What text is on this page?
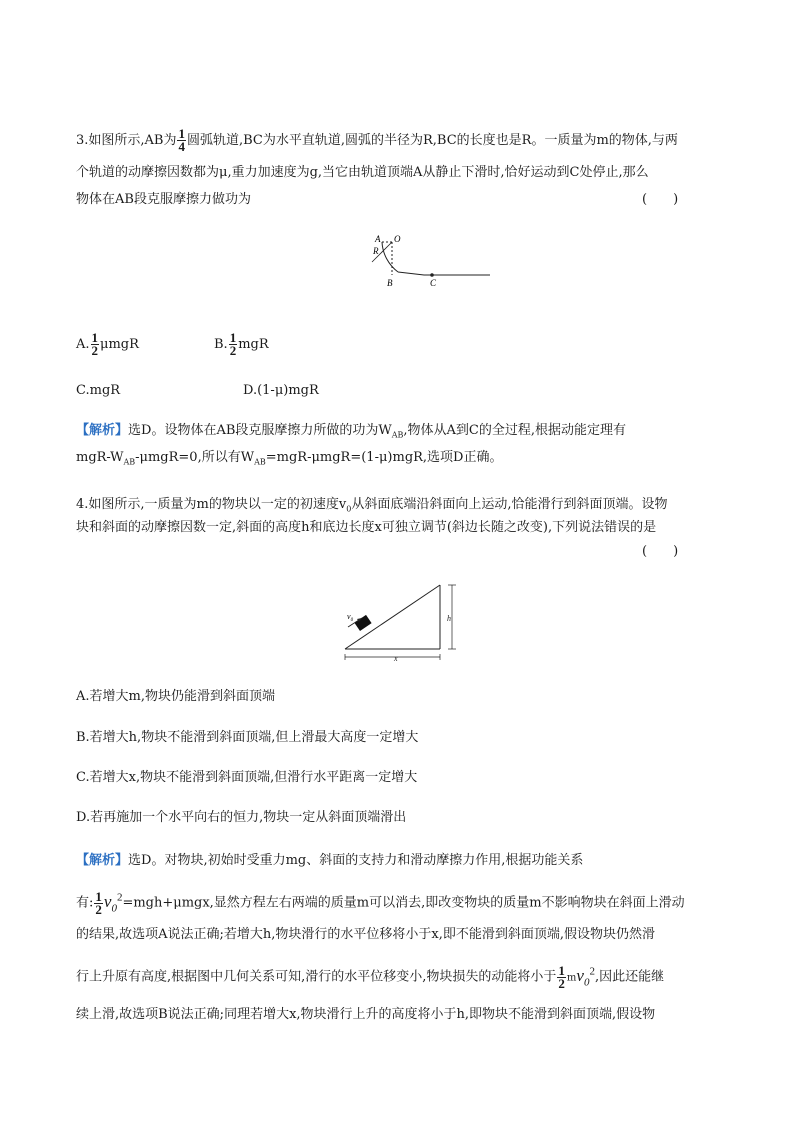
3.如图所示,AB为 $\frac{1}{4}$ 圆弧轨道,BC为水平直轨道,圆弧的半径为R,BC的长度也是R。一质量为m的物体,与两
个轨道的动摩擦因数都为μ,重力加速度为g,当它由轨道顶端A从静止下滑时,恰好运动到C处停止,那么
物体在AB段克服摩擦力做功为	(　　)
A
R
O
B	C
A. $\frac{1}{2}$ μmgR	B. $\frac{1}{2}$ mgR
C.mgR	D.(1-μ)mgR
【解析】选D。设物体在AB段克服摩擦力所做的功为$W_{AB}$,物体从A到C的全过程,根据动能定理有
mgR-$W_{AB}-\mu mgR=0$,所以有$W_{AB}=mgR-\mu mgR=(1-\mu)mgR$,选项D正确。
4.如图所示,一质量为m的物块以一定的初速度$v_0$从斜面底端沿斜面向上运动,恰能滑行到斜面顶端。设物
块和斜面的动摩擦因数一定,斜面的高度h和底边长度x可独立调节(斜边长随之改变),下列说法错误的是
(　　)
$v_0$	h
x
A.若增大m,物块仍能滑到斜面顶端
B.若增大h,物块不能滑到斜面顶端,但上滑最大高度一定增大
C.若增大x,物块不能滑到斜面顶端,但滑行水平距离一定增大
D.若再施加一个水平向右的恒力,物块一定从斜面顶端滑出
【解析】选D。对物块,初始时受重力mg、斜面的支持力和滑动摩擦力作用,根据功能关系
有: $\frac{1}{2} v_0^2=mgh+\mu mgx$,显然方程左右两端的质量m可以消去,即改变物块的质量m不影响物块在斜面上滑动
的结果,故选项A说法正确;若增大h,物块滑行的水平位移将小于x,即不能滑到斜面顶端,假设物块仍然滑
行上升原有高度,根据图中几何关系可知,滑行的水平位移变小,物块损失的动能将小于 $\frac{1}{2} mv_0^2$,因此还能继
续上滑,故选项B说法正确;同理若增大x,物块滑行上升的高度将小于h,即物块不能滑到斜面顶端,假设物
